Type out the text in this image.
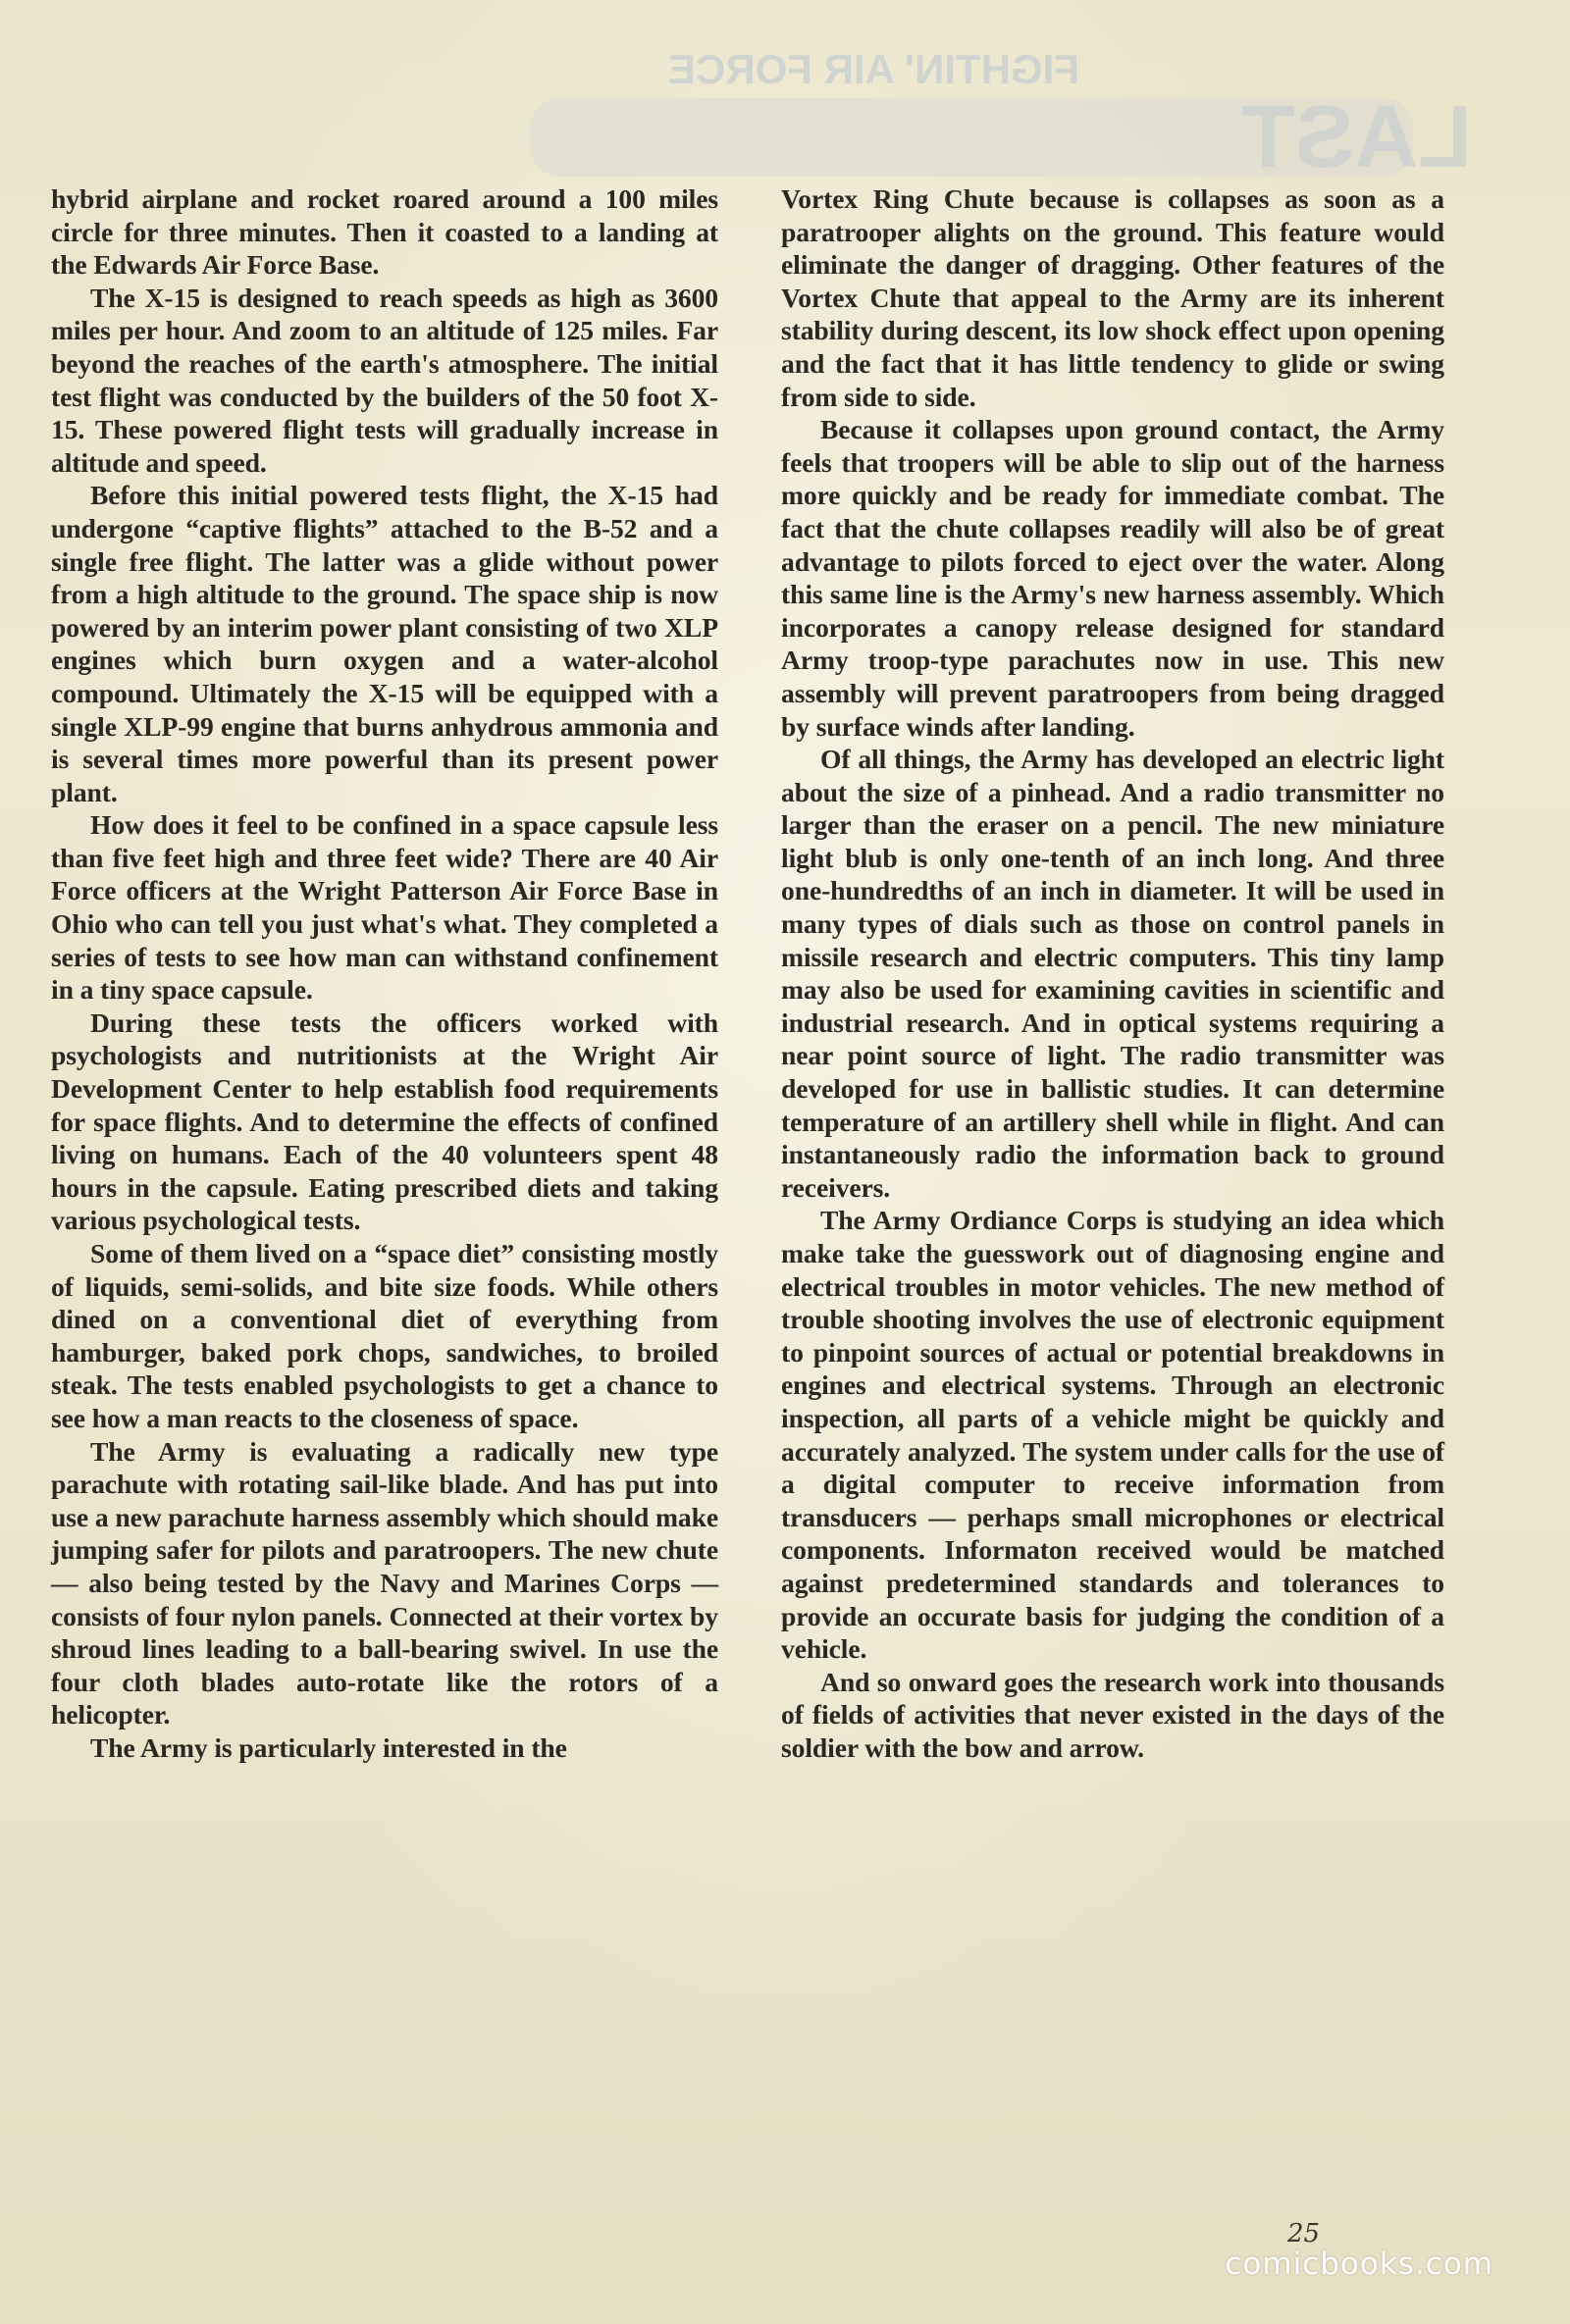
FIGHTIN' AIR FORCE
LAST

hybrid airplane and rocket roared around a 100 miles circle for three minutes. Then it coasted to a landing at the Edwards Air Force Base.

The X-15 is designed to reach speeds as high as 3600 miles per hour. And zoom to an altitude of 125 miles. Far beyond the reaches of the earth's atmosphere. The initial test flight was conducted by the builders of the 50 foot X-15. These powered flight tests will gradually increase in altitude and speed.

Before this initial powered tests flight, the X-15 had undergone “captive flights” attached to the B-52 and a single free flight. The latter was a glide without power from a high altitude to the ground. The space ship is now powered by an interim power plant consisting of two XLP engines which burn oxygen and a water-alcohol compound. Ultimately the X-15 will be equipped with a single XLP-99 engine that burns anhydrous ammonia and is several times more powerful than its present power plant.

How does it feel to be confined in a space capsule less than five feet high and three feet wide? There are 40 Air Force officers at the Wright Patterson Air Force Base in Ohio who can tell you just what's what. They completed a series of tests to see how man can withstand confinement in a tiny space capsule.

During these tests the officers worked with psychologists and nutritionists at the Wright Air Development Center to help establish food requirements for space flights. And to determine the effects of confined living on humans. Each of the 40 volunteers spent 48 hours in the capsule. Eating prescribed diets and taking various psychological tests.

Some of them lived on a “space diet” consisting mostly of liquids, semi-solids, and bite size foods. While others dined on a conventional diet of everything from hamburger, baked pork chops, sandwiches, to broiled steak. The tests enabled psychologists to get a chance to see how a man reacts to the closeness of space.

The Army is evaluating a radically new type parachute with rotating sail-like blade. And has put into use a new parachute harness assembly which should make jumping safer for pilots and paratroopers. The new chute — also being tested by the Navy and Marines Corps — consists of four nylon panels. Connected at their vortex by shroud lines leading to a ball-bearing swivel. In use the four cloth blades auto-rotate like the rotors of a helicopter.

The Army is particularly interested in the

Vortex Ring Chute because is collapses as soon as a paratrooper alights on the ground. This feature would eliminate the danger of dragging. Other features of the Vortex Chute that appeal to the Army are its inherent stability during descent, its low shock effect upon opening and the fact that it has little tendency to glide or swing from side to side.

Because it collapses upon ground contact, the Army feels that troopers will be able to slip out of the harness more quickly and be ready for immediate combat. The fact that the chute collapses readily will also be of great advantage to pilots forced to eject over the water. Along this same line is the Army's new harness assembly. Which incorporates a canopy release designed for standard Army troop-type parachutes now in use. This new assembly will prevent paratroopers from being dragged by surface winds after landing.

Of all things, the Army has developed an electric light about the size of a pinhead. And a radio transmitter no larger than the eraser on a pencil. The new miniature light blub is only one-tenth of an inch long. And three one-hundredths of an inch in diameter. It will be used in many types of dials such as those on control panels in missile research and electric computers. This tiny lamp may also be used for examining cavities in scientific and industrial research. And in optical systems requiring a near point source of light. The radio transmitter was developed for use in ballistic studies. It can determine temperature of an artillery shell while in flight. And can instantaneously radio the information back to ground receivers.

The Army Ordiance Corps is studying an idea which make take the guesswork out of diagnosing engine and electrical troubles in motor vehicles. The new method of trouble shooting involves the use of electronic equipment to pinpoint sources of actual or potential breakdowns in engines and electrical systems. Through an electronic inspection, all parts of a vehicle might be quickly and accurately analyzed. The system under calls for the use of a digital computer to receive information from transducers — perhaps small microphones or electrical components. Informaton received would be matched against predetermined standards and tolerances to provide an occurate basis for judging the condition of a vehicle.

And so onward goes the research work into thousands of fields of activities that never existed in the days of the soldier with the bow and arrow.

25
comicbooks.com
